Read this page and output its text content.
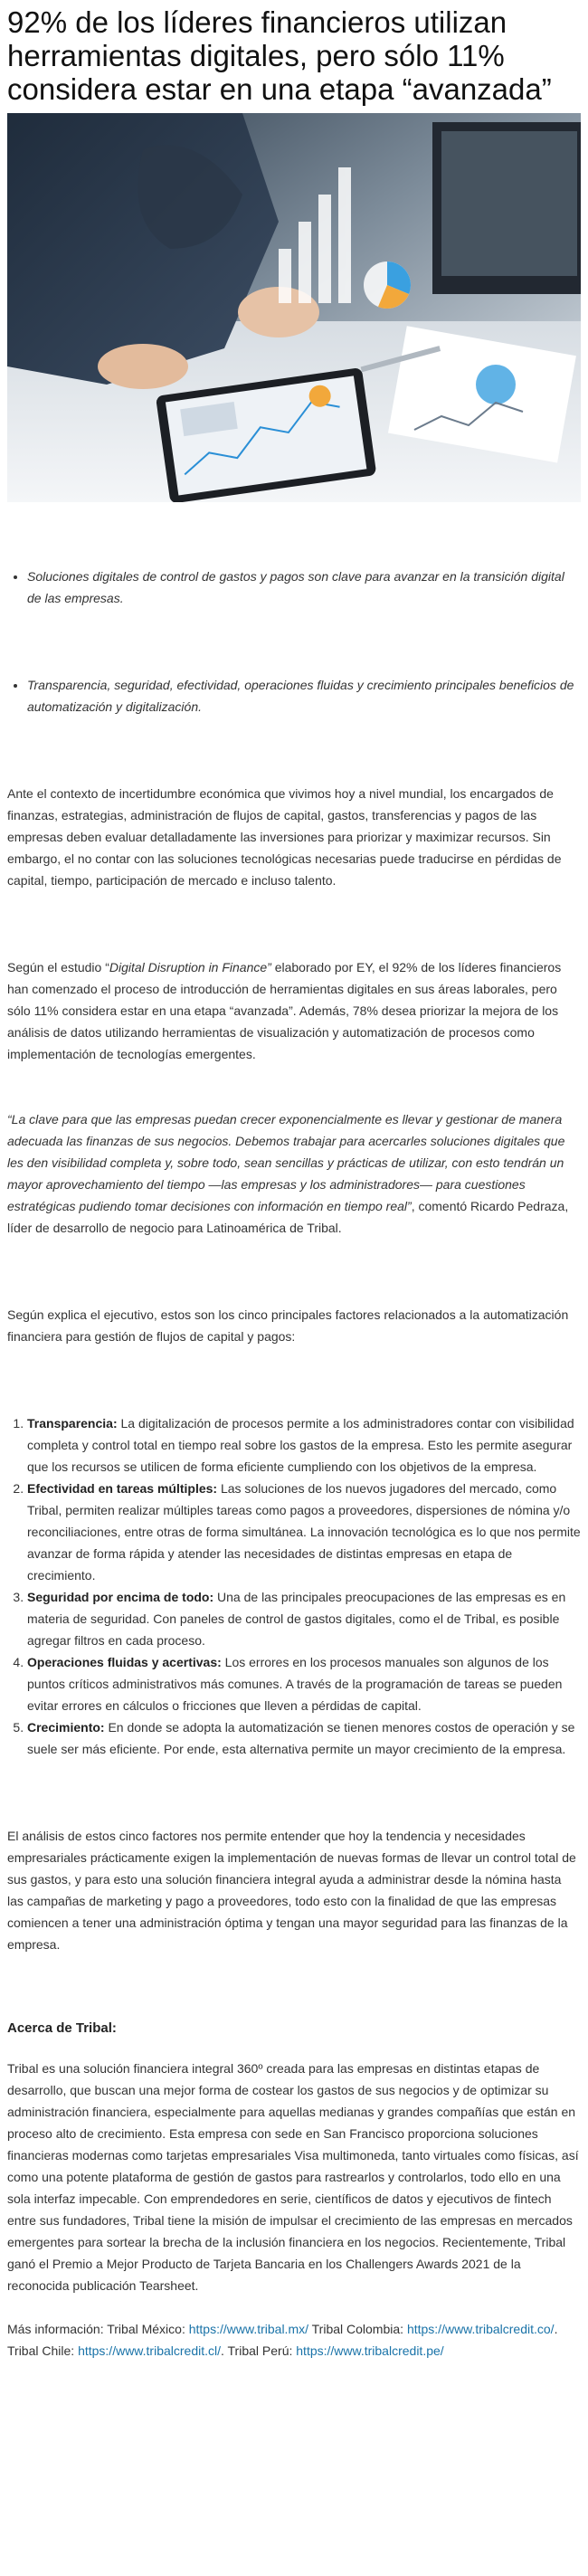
92% de los líderes financieros utilizan herramientas digitales, pero sólo 11% considera estar en una etapa “avanzada”
• Soluciones digitales de control de gastos y pagos son clave para avanzar en la transición digital de las empresas.
• Transparencia, seguridad, efectividad, operaciones fluidas y crecimiento principales beneficios de automatización y digitalización.

Ante el contexto de incertidumbre económica que vivimos hoy a nivel mundial, los encargados de finanzas, estrategias, administración de flujos de capital, gastos, transferencias y pagos de las empresas deben evaluar detalladamente las inversiones para priorizar y maximizar recursos. Sin embargo, el no contar con las soluciones tecnológicas necesarias puede traducirse en pérdidas de capital, tiempo, participación de mercado e incluso talento.

Según el estudio “Digital Disruption in Finance” elaborado por EY, el 92% de los líderes financieros han comenzado el proceso de introducción de herramientas digitales en sus áreas laborales, pero sólo 11% considera estar en una etapa “avanzada”. Además, 78% desea priorizar la mejora de los análisis de datos utilizando herramientas de visualización y automatización de procesos como implementación de tecnologías emergentes.

“La clave para que las empresas puedan crecer exponencialmente es llevar y gestionar de manera adecuada las finanzas de sus negocios. Debemos trabajar para acercarles soluciones digitales que les den visibilidad completa y, sobre todo, sean sencillas y prácticas de utilizar, con esto tendrán un mayor aprovechamiento del tiempo —las empresas y los administradores— para cuestiones estratégicas pudiendo tomar decisiones con información en tiempo real”, comentó Ricardo Pedraza, líder de desarrollo de negocio para Latinoamérica de Tribal.

Según explica el ejecutivo, estos son los cinco principales factores relacionados a la automatización financiera para gestión de flujos de capital y pagos:

1. Transparencia: La digitalización de procesos permite a los administradores contar con visibilidad completa y control total en tiempo real sobre los gastos de la empresa. Esto les permite asegurar que los recursos se utilicen de forma eficiente cumpliendo con los objetivos de la empresa.
2. Efectividad en tareas múltiples: Las soluciones de los nuevos jugadores del mercado, como Tribal, permiten realizar múltiples tareas como pagos a proveedores, dispersiones de nómina y/o reconciliaciones, entre otras de forma simultánea. La innovación tecnológica es lo que nos permite avanzar de forma rápida y atender las necesidades de distintas empresas en etapa de crecimiento.
3. Seguridad por encima de todo: Una de las principales preocupaciones de las empresas es en materia de seguridad. Con paneles de control de gastos digitales, como el de Tribal, es posible agregar filtros en cada proceso.
4. Operaciones fluidas y acertivas: Los errores en los procesos manuales son algunos de los puntos críticos administrativos más comunes. A través de la programación de tareas se pueden evitar errores en cálculos o fricciones que lleven a pérdidas de capital.
5. Crecimiento: En donde se adopta la automatización se tienen menores costos de operación y se suele ser más eficiente. Por ende, esta alternativa permite un mayor crecimiento de la empresa.

El análisis de estos cinco factores nos permite entender que hoy la tendencia y necesidades empresariales prácticamente exigen la implementación de nuevas formas de llevar un control total de sus gastos, y para esto una solución financiera integral ayuda a administrar desde la nómina hasta las campañas de marketing y pago a proveedores, todo esto con la finalidad de que las empresas comiencen a tener una administración óptima y tengan una mayor seguridad para las finanzas de la empresa.

Acerca de Tribal:

Tribal es una solución financiera integral 360º creada para las empresas en distintas etapas de desarrollo, que buscan una mejor forma de costear los gastos de sus negocios y de optimizar su administración financiera, especialmente para aquellas medianas y grandes compañías que están en proceso alto de crecimiento. Esta empresa con sede en San Francisco proporciona soluciones financieras modernas como tarjetas empresariales Visa multimoneda, tanto virtuales como físicas, así como una potente plataforma de gestión de gastos para rastrearlos y controlarlos, todo ello en una sola interfaz impecable. Con emprendedores en serie, científicos de datos y ejecutivos de fintech entre sus fundadores, Tribal tiene la misión de impulsar el crecimiento de las empresas en mercados emergentes para sortear la brecha de la inclusión financiera en los negocios. Recientemente, Tribal ganó el Premio a Mejor Producto de Tarjeta Bancaria en los Challengers Awards 2021 de la reconocida publicación Tearsheet.

Más información: Tribal México: https://www.tribal.mx/ Tribal Colombia: https://www.tribalcredit.co/. Tribal Chile: https://www.tribalcredit.cl/. Tribal Perú: https://www.tribalcredit.pe/
